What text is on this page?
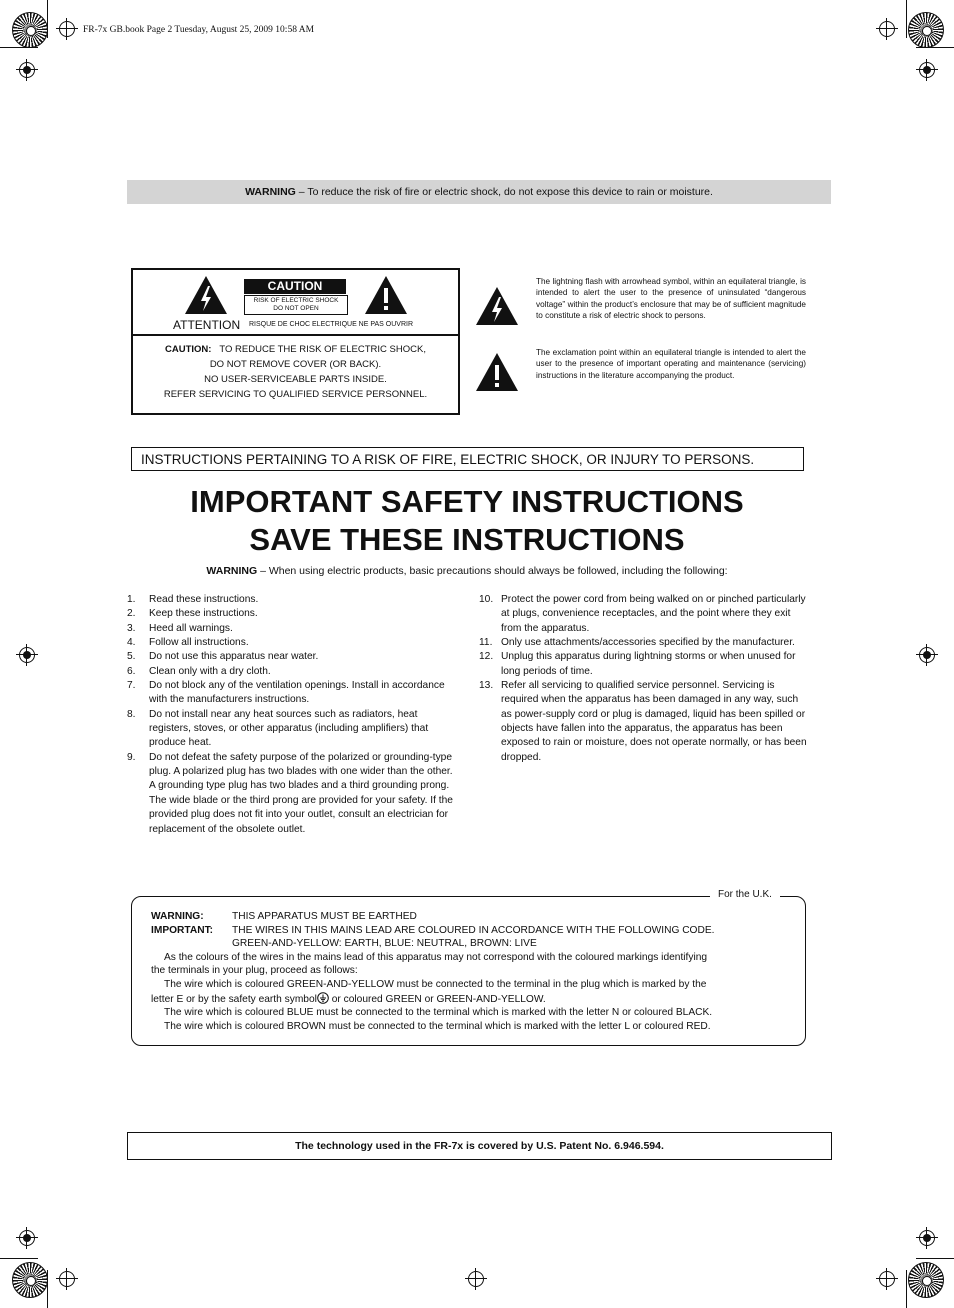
FR-7x GB.book Page 2 Tuesday, August 25, 2009 10:58 AM
WARNING – To reduce the risk of fire or electric shock, do not expose this device to rain or moisture.
CAUTION
RISK OF ELECTRIC SHOCK
DO NOT OPEN
ATTENTION RISQUE DE CHOC ELECTRIQUE NE PAS OUVRIR
CAUTION: TO REDUCE THE RISK OF ELECTRIC SHOCK,
DO NOT REMOVE COVER (OR BACK).
NO USER-SERVICEABLE PARTS INSIDE.
REFER SERVICING TO QUALIFIED SERVICE PERSONNEL.
The lightning flash with arrowhead symbol, within an equilateral triangle, is intended to alert the user to the presence of uninsulated “dangerous voltage” within the product’s enclosure that may be of sufficient magnitude to constitute a risk of electric shock to persons.
The exclamation point within an equilateral triangle is intended to alert the user to the presence of important operating and maintenance (servicing) instructions in the literature accompanying the product.
INSTRUCTIONS PERTAINING TO A RISK OF FIRE, ELECTRIC SHOCK, OR INJURY TO PERSONS.
IMPORTANT SAFETY INSTRUCTIONS
SAVE THESE INSTRUCTIONS
WARNING – When using electric products, basic precautions should always be followed, including the following:
1. Read these instructions.
2. Keep these instructions.
3. Heed all warnings.
4. Follow all instructions.
5. Do not use this apparatus near water.
6. Clean only with a dry cloth.
7. Do not block any of the ventilation openings. Install in accordance with the manufacturers instructions.
8. Do not install near any heat sources such as radiators, heat registers, stoves, or other apparatus (including amplifiers) that produce heat.
9. Do not defeat the safety purpose of the polarized or grounding-type plug. A polarized plug has two blades with one wider than the other. A grounding type plug has two blades and a third grounding prong. The wide blade or the third prong are provided for your safety. If the provided plug does not fit into your outlet, consult an electrician for replacement of the obsolete outlet.
10. Protect the power cord from being walked on or pinched particularly at plugs, convenience receptacles, and the point where they exit from the apparatus.
11. Only use attachments/accessories specified by the manufacturer.
12. Unplug this apparatus during lightning storms or when unused for long periods of time.
13. Refer all servicing to qualified service personnel. Servicing is required when the apparatus has been damaged in any way, such as power-supply cord or plug is damaged, liquid has been spilled or objects have fallen into the apparatus, the apparatus has been exposed to rain or moisture, does not operate normally, or has been dropped.
For the U.K.
WARNING:	THIS APPARATUS MUST BE EARTHED
IMPORTANT: THE WIRES IN THIS MAINS LEAD ARE COLOURED IN ACCORDANCE WITH THE FOLLOWING CODE.
GREEN-AND-YELLOW: EARTH, BLUE: NEUTRAL, BROWN: LIVE
As the colours of the wires in the mains lead of this apparatus may not correspond with the coloured markings identifying
the terminals in your plug, proceed as follows:
The wire which is coloured GREEN-AND-YELLOW must be connected to the terminal in the plug which is marked by the
letter E or by the safety earth symbol or coloured GREEN or GREEN-AND-YELLOW.
The wire which is coloured BLUE must be connected to the terminal which is marked with the letter N or coloured BLACK.
The wire which is coloured BROWN must be connected to the terminal which is marked with the letter L or coloured RED.
The technology used in the FR-7x is covered by U.S. Patent No. 6.946.594.
